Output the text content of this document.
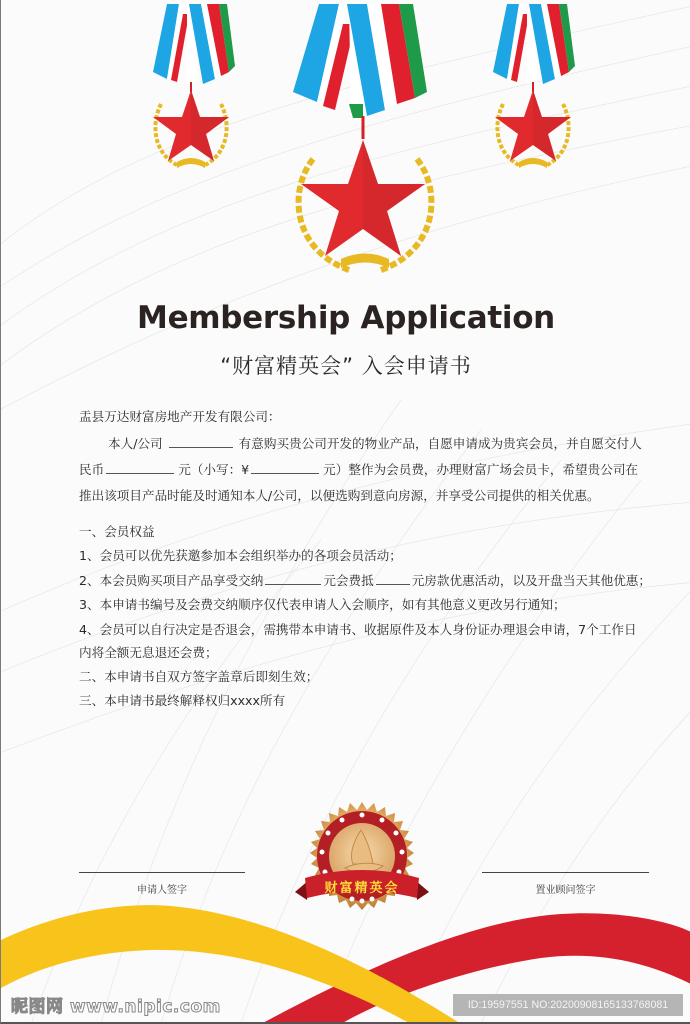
Membership Application
“财富精英会” 入会申请书
盂县万达财富房地产开发有限公司：
本人/公司	有意购买贵公司开发的物业产品，自愿申请成为贵宾会员，并自愿交付人
民币	元（小写：¥	元）整作为会员费，办理财富广场会员卡，希望贵公司在
推出该项目产品时能及时通知本人/公司，以便选购到意向房源，并享受公司提供的相关优惠。
一、会员权益
1、会员可以优先获邀参加本会组织举办的各项会员活动；
2、本会员购买项目产品享受交纳	元会费抵	元房款优惠活动，以及开盘当天其他优惠；
3、本申请书编号及会费交纳顺序仅代表申请人入会顺序，如有其他意义更改另行通知；
4、会员可以自行决定是否退会，需携带本申请书、收据原件及本人身份证办理退会申请，7个工作日
内将全额无息退还会费；
二、本申请书自双方签字盖章后即刻生效；
三、本申请书最终解释权归xxxx所有
财富精英会
申请人签字	置业顾问签字
昵图网 www.nipic.com	ID:19597551 NO:20200908165133768081
